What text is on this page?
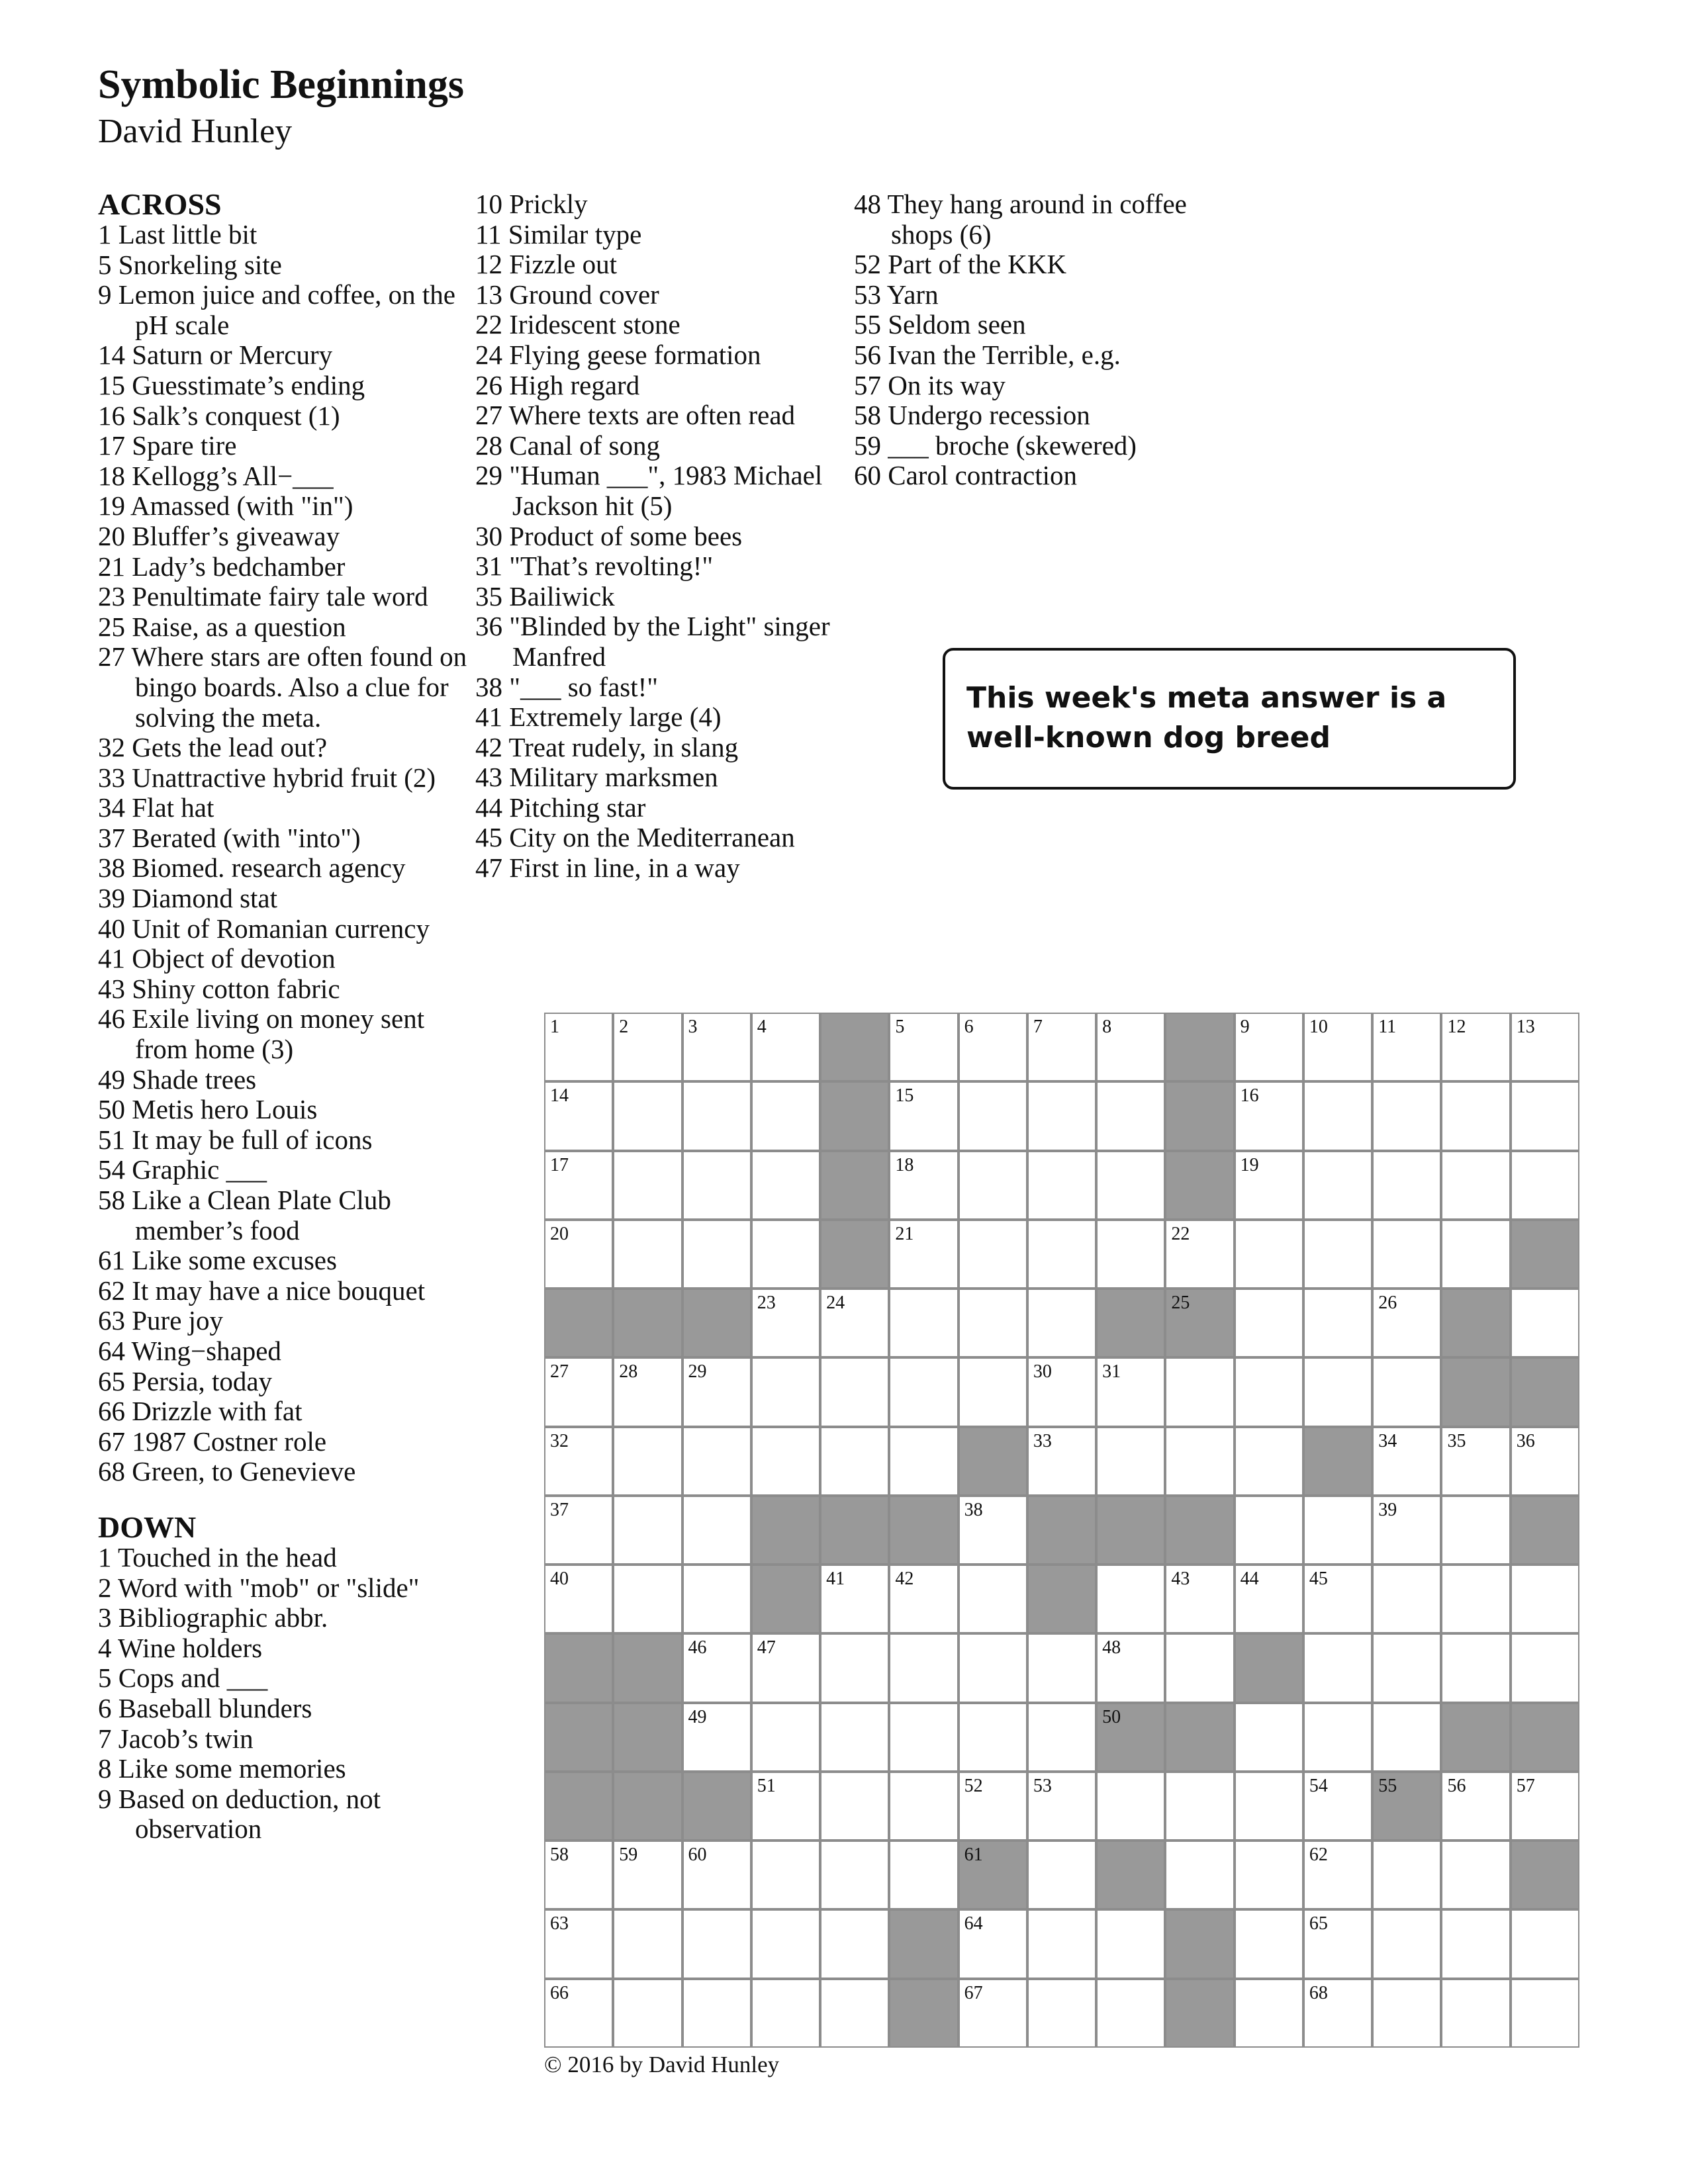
Symbolic Beginnings
David Hunley
ACROSS
1 Last little bit
5 Snorkeling site
9 Lemon juice and coffee, on the pH scale
14 Saturn or Mercury
15 Guesstimate’s ending
16 Salk’s conquest (1)
17 Spare tire
18 Kellogg’s All−___
19 Amassed (with "in")
20 Bluffer’s giveaway
21 Lady’s bedchamber
23 Penultimate fairy tale word
25 Raise, as a question
27 Where stars are often found on bingo boards. Also a clue for solving the meta.
32 Gets the lead out?
33 Unattractive hybrid fruit (2)
34 Flat hat
37 Berated (with "into")
38 Biomed. research agency
39 Diamond stat
40 Unit of Romanian currency
41 Object of devotion
43 Shiny cotton fabric
46 Exile living on money sent from home (3)
49 Shade trees
50 Metis hero Louis
51 It may be full of icons
54 Graphic ___
58 Like a Clean Plate Club member’s food
61 Like some excuses
62 It may have a nice bouquet
63 Pure joy
64 Wing−shaped
65 Persia, today
66 Drizzle with fat
67 1987 Costner role
68 Green, to Genevieve
DOWN
1 Touched in the head
2 Word with "mob" or "slide"
3 Bibliographic abbr.
4 Wine holders
5 Cops and ___
6 Baseball blunders
7 Jacob’s twin
8 Like some memories
9 Based on deduction, not observation
10 Prickly
11 Similar type
12 Fizzle out
13 Ground cover
22 Iridescent stone
24 Flying geese formation
26 High regard
27 Where texts are often read
28 Canal of song
29 "Human ___", 1983 Michael Jackson hit (5)
30 Product of some bees
31 "That’s revolting!"
35 Bailiwick
36 "Blinded by the Light" singer Manfred
38 "___ so fast!"
41 Extremely large (4)
42 Treat rudely, in slang
43 Military marksmen
44 Pitching star
45 City on the Mediterranean
47 First in line, in a way
48 They hang around in coffee shops (6)
52 Part of the KKK
53 Yarn
55 Seldom seen
56 Ivan the Terrible, e.g.
57 On its way
58 Undergo recession
59 ___ broche (skewered)
60 Carol contraction
This week's meta answer is a well-known dog breed
1	2	3	4	5	6	7	8	9	10	11	12	13
14	15	16
17	18	19
20	21	22
23	24	25	26
27	28	29	30	31
32	33	34	35	36
37	38	39
40	41	42	43	44	45
46	47	48
49	50
51	52	53	54	55	56	57
58	59	60	61	62
63	64	65
66	67	68
© 2016 by David Hunley
